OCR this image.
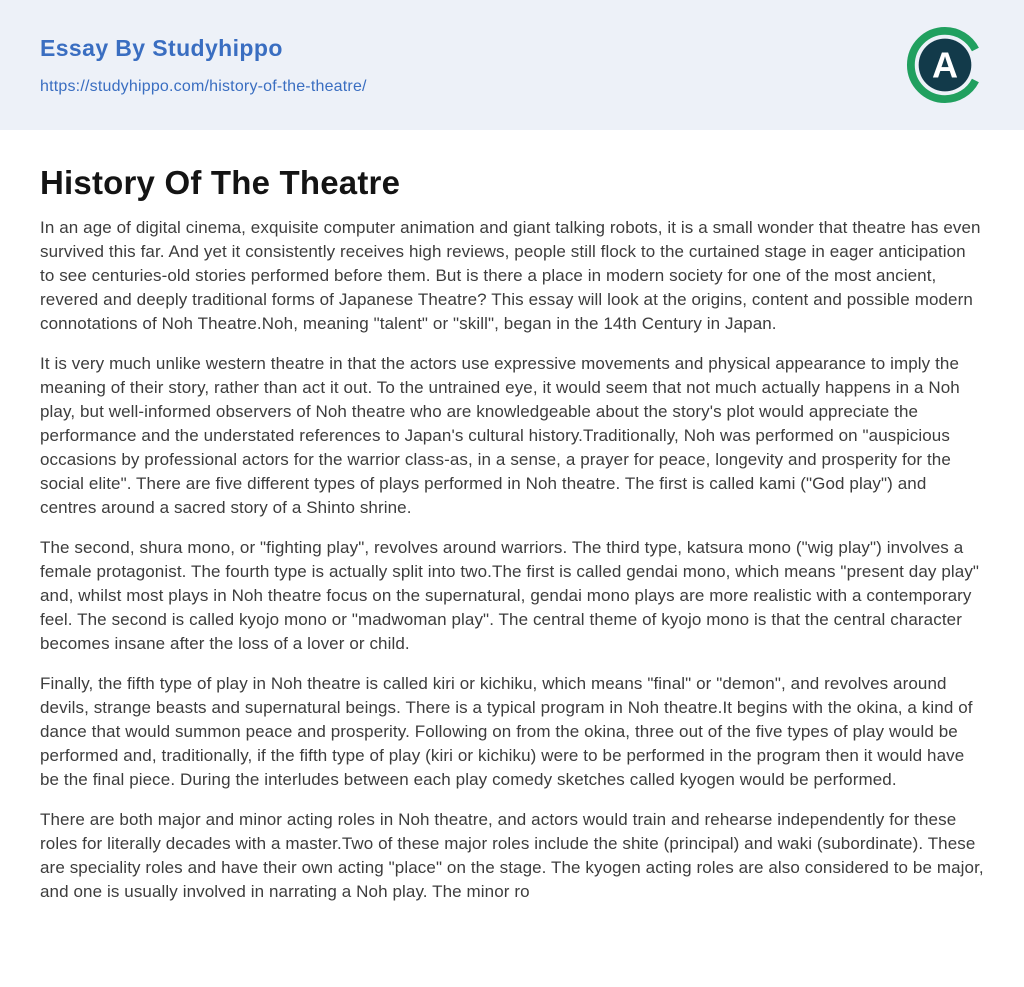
Essay By Studyhippo
https://studyhippo.com/history-of-the-theatre/
A
History Of The Theatre

In an age of digital cinema, exquisite computer animation and giant talking robots, it is a small wonder that theatre has even survived this far. And yet it consistently receives high reviews, people still flock to the curtained stage in eager anticipation to see centuries-old stories performed before them. But is there a place in modern society for one of the most ancient, revered and deeply traditional forms of Japanese Theatre? This essay will look at the origins, content and possible modern connotations of Noh Theatre.Noh, meaning "talent" or "skill", began in the 14th Century in Japan.

It is very much unlike western theatre in that the actors use expressive movements and physical appearance to imply the meaning of their story, rather than act it out. To the untrained eye, it would seem that not much actually happens in a Noh play, but well-informed observers of Noh theatre who are knowledgeable about the story's plot would appreciate the performance and the understated references to Japan's cultural history.Traditionally, Noh was performed on "auspicious occasions by professional actors for the warrior class-as, in a sense, a prayer for peace, longevity and prosperity for the social elite". There are five different types of plays performed in Noh theatre. The first is called kami ("God play") and centres around a sacred story of a Shinto shrine.

The second, shura mono, or "fighting play", revolves around warriors. The third type, katsura mono ("wig play") involves a female protagonist. The fourth type is actually split into two.The first is called gendai mono, which means "present day play" and, whilst most plays in Noh theatre focus on the supernatural, gendai mono plays are more realistic with a contemporary feel. The second is called kyojo mono or "madwoman play". The central theme of kyojo mono is that the central character becomes insane after the loss of a lover or child.

Finally, the fifth type of play in Noh theatre is called kiri or kichiku, which means "final" or "demon", and revolves around devils, strange beasts and supernatural beings. There is a typical program in Noh theatre.It begins with the okina, a kind of dance that would summon peace and prosperity. Following on from the okina, three out of the five types of play would be performed and, traditionally, if the fifth type of play (kiri or kichiku) were to be performed in the program then it would have be the final piece. During the interludes between each play comedy sketches called kyogen would be performed.

There are both major and minor acting roles in Noh theatre, and actors would train and rehearse independently for these roles for literally decades with a master.Two of these major roles include the shite (principal) and waki (subordinate). These are speciality roles and have their own acting "place" on the stage. The kyogen acting roles are also considered to be major, and one is usually involved in narrating a Noh play. The minor ro
